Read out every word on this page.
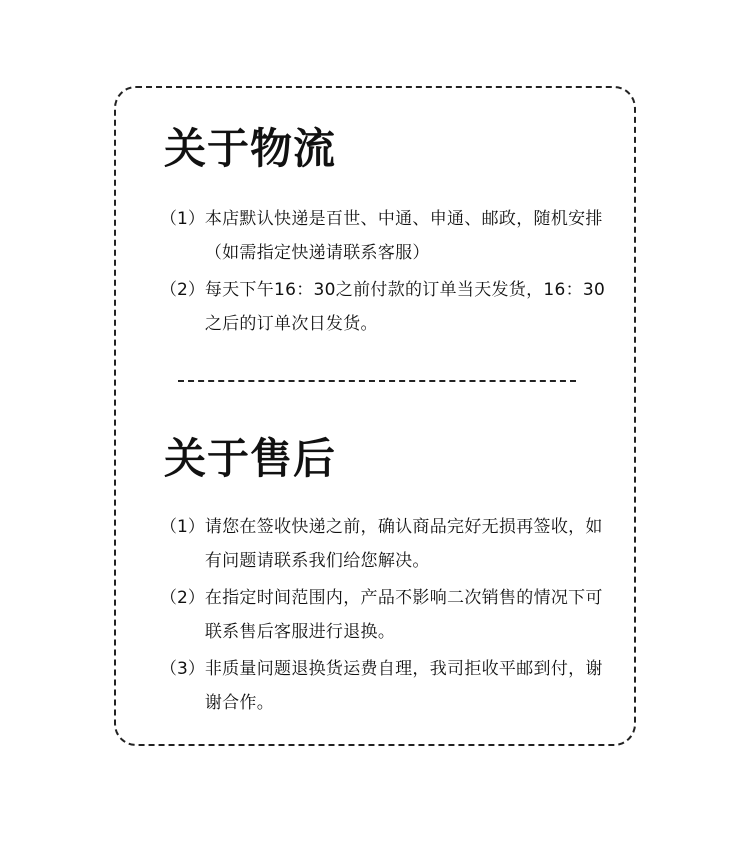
关于物流
（1） 本店默认快递是百世、中通、申通、邮政，随机安排（如需指定快递请联系客服）
（2） 每天下午16：30之前付款的订单当天发货，16：30之后的订单次日发货。
关于售后
（1） 请您在签收快递之前，确认商品完好无损再签收，如有问题请联系我们给您解决。
（2） 在指定时间范围内，产品不影响二次销售的情况下可联系售后客服进行退换。
（3） 非质量问题退换货运费自理，我司拒收平邮到付，谢谢合作。
